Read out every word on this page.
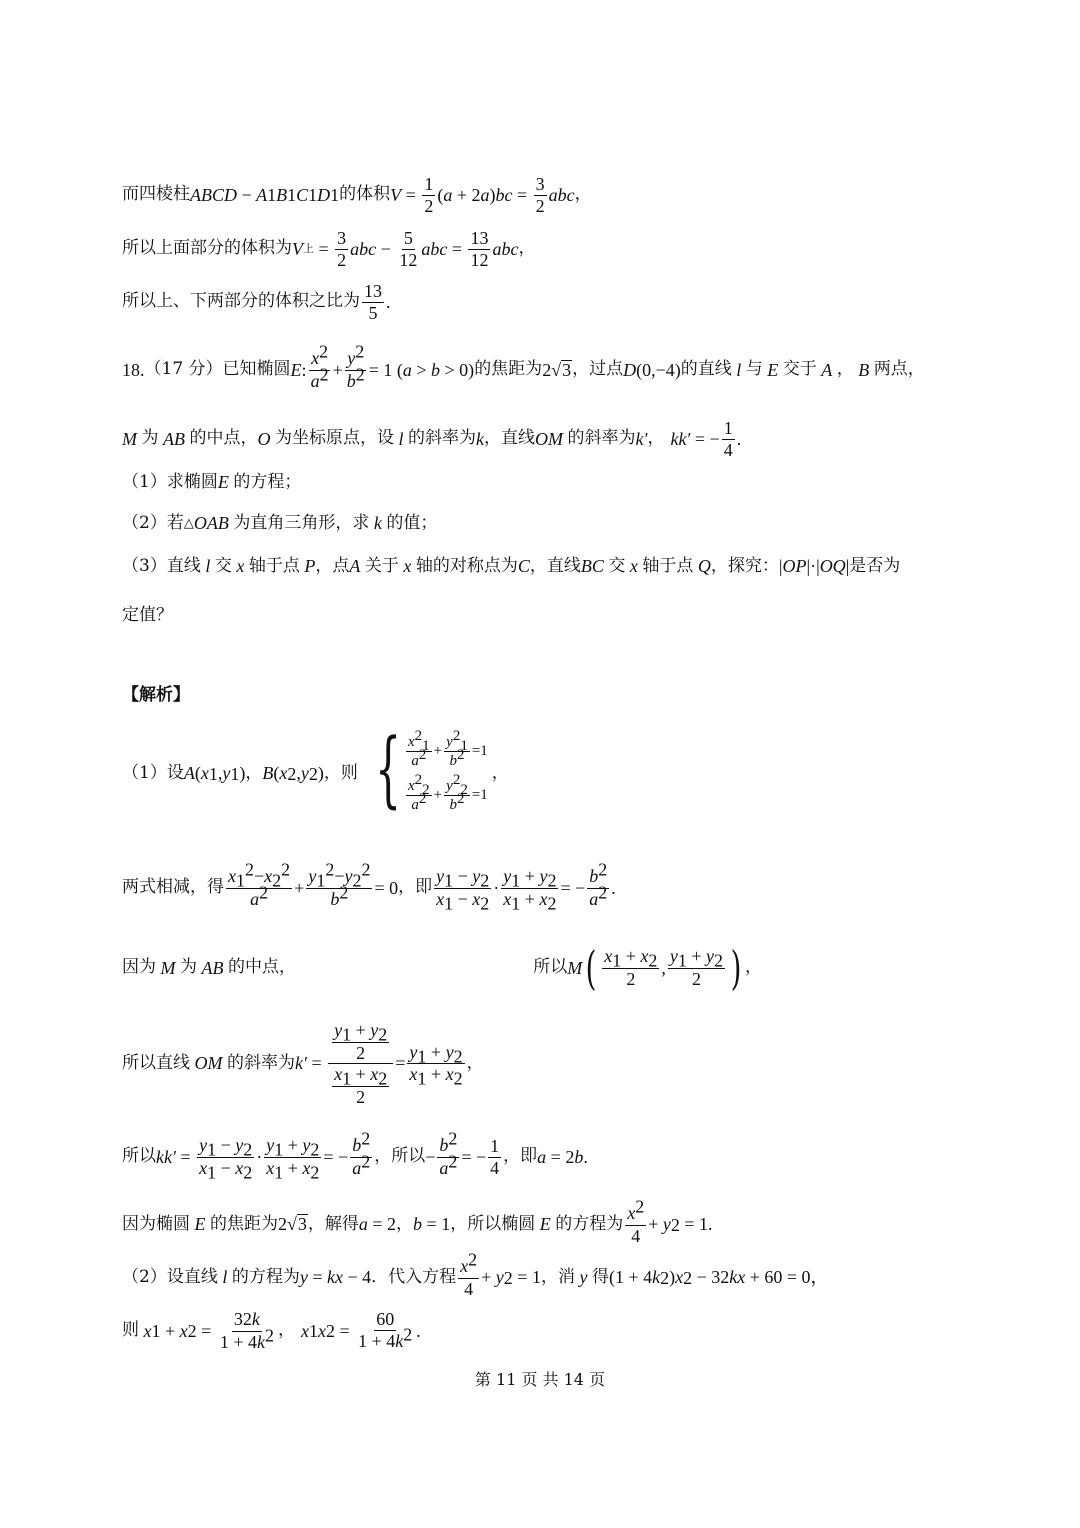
而四棱柱 ABCD − A 1 B 1 C 1 D 1 的体积 $V = \frac{1}{2}$ ( a + 2 a ) bc = $\frac{3}{2}$ abc ，
所以上面部分的体积为 V 上 = $\frac{3}{2}$ abc − $\frac{5}{12}$ abc = $\frac{13}{12}$ abc ，
所以上、下两部分的体积之比为 $\frac{13}{5}$ .
18. （17 分）已知椭圆 E : $\frac{x^2}{a^2} + \frac{y^2}{b^2} = 1$ ( a > b > 0) 的焦距为 2 √ 3 ，过点 D (0,−4) 的直线 l 与 E 交于 A ， B 两点，
M 为 AB 的中点， O 为坐标原点，设 l 的斜率为 k ，直线 OM 的斜率为 k′ ， kk′ = − $\frac{1}{4}$ .
（1）求椭圆 E 的方程；
（2）若 △ OAB 为直角三角形，求 k 的值；
（3）直线 l 交 x 轴于点 P ，点 A 关于 x 轴的对称点为 C ，直线 BC 交 x 轴于点 Q ，探究： | OP |·| OQ | 是否为
定值？
【解析】
（1）设 A ( x 1 , y 1 ) ， B ( x 2 , y 2 ) ，则 { $\frac{x^2_1}{a^2} + \frac{y^2_1}{b^2} =1$
$\frac{x^2_2}{a^2} + \frac{y^2_2}{b^2} =1$
，
两式相减，得 $\frac{x_1^2-x_2^2}{a^2} + \frac{y_1^2-y_2^2}{b^2} = 0$ ，即 $\frac{y_1 - y_2}{x_1 - x_2} \cdot \frac{y_1 + y_2}{x_1 + x_2}$ = − $\frac{b^2}{a^2}$ .
因为 M 为 AB 的中点，	所以 M ( $\frac{x_1 + x_2}{2}$ , $\frac{y_1 + y_2}{2}$ ) ，
所以直线 OM 的斜率为 $k' = \frac{\frac{y_1 + y_2}{2}}{\frac{x_1 + x_2}{2}} = \frac{y_1 + y_2}{x_1 + x_2}$ ，
所以 $kk' = \frac{y_1 - y_2}{x_1 - x_2} \cdot \frac{y_1 + y_2}{x_1 + x_2}$ = − $\frac{b^2}{a^2}$ ，所以 − $\frac{b^2}{a^2}$ = − $\frac{1}{4}$ ，即 a = 2 b .
因为椭圆 E 的焦距为 2 √ 3 ，解得 a = 2 ， b = 1 ，所以椭圆 E 的方程为 $\frac{x^2}{4} + y$ 2 = 1.
（2）设直线 l 的方程为 y = kx − 4 ．代入方程 $\frac{x^2}{4} + y$ 2 = 1 ，消 y 得 (1 + 4 k 2 ) x 2 − 32 kx + 60 = 0，
则 x 1 + x $2 = \frac{32k}{1 + 4k^2}$ ， x 1 x $2 = \frac{60}{1 + 4k^2}$ .
第 11 页 共 14 页
